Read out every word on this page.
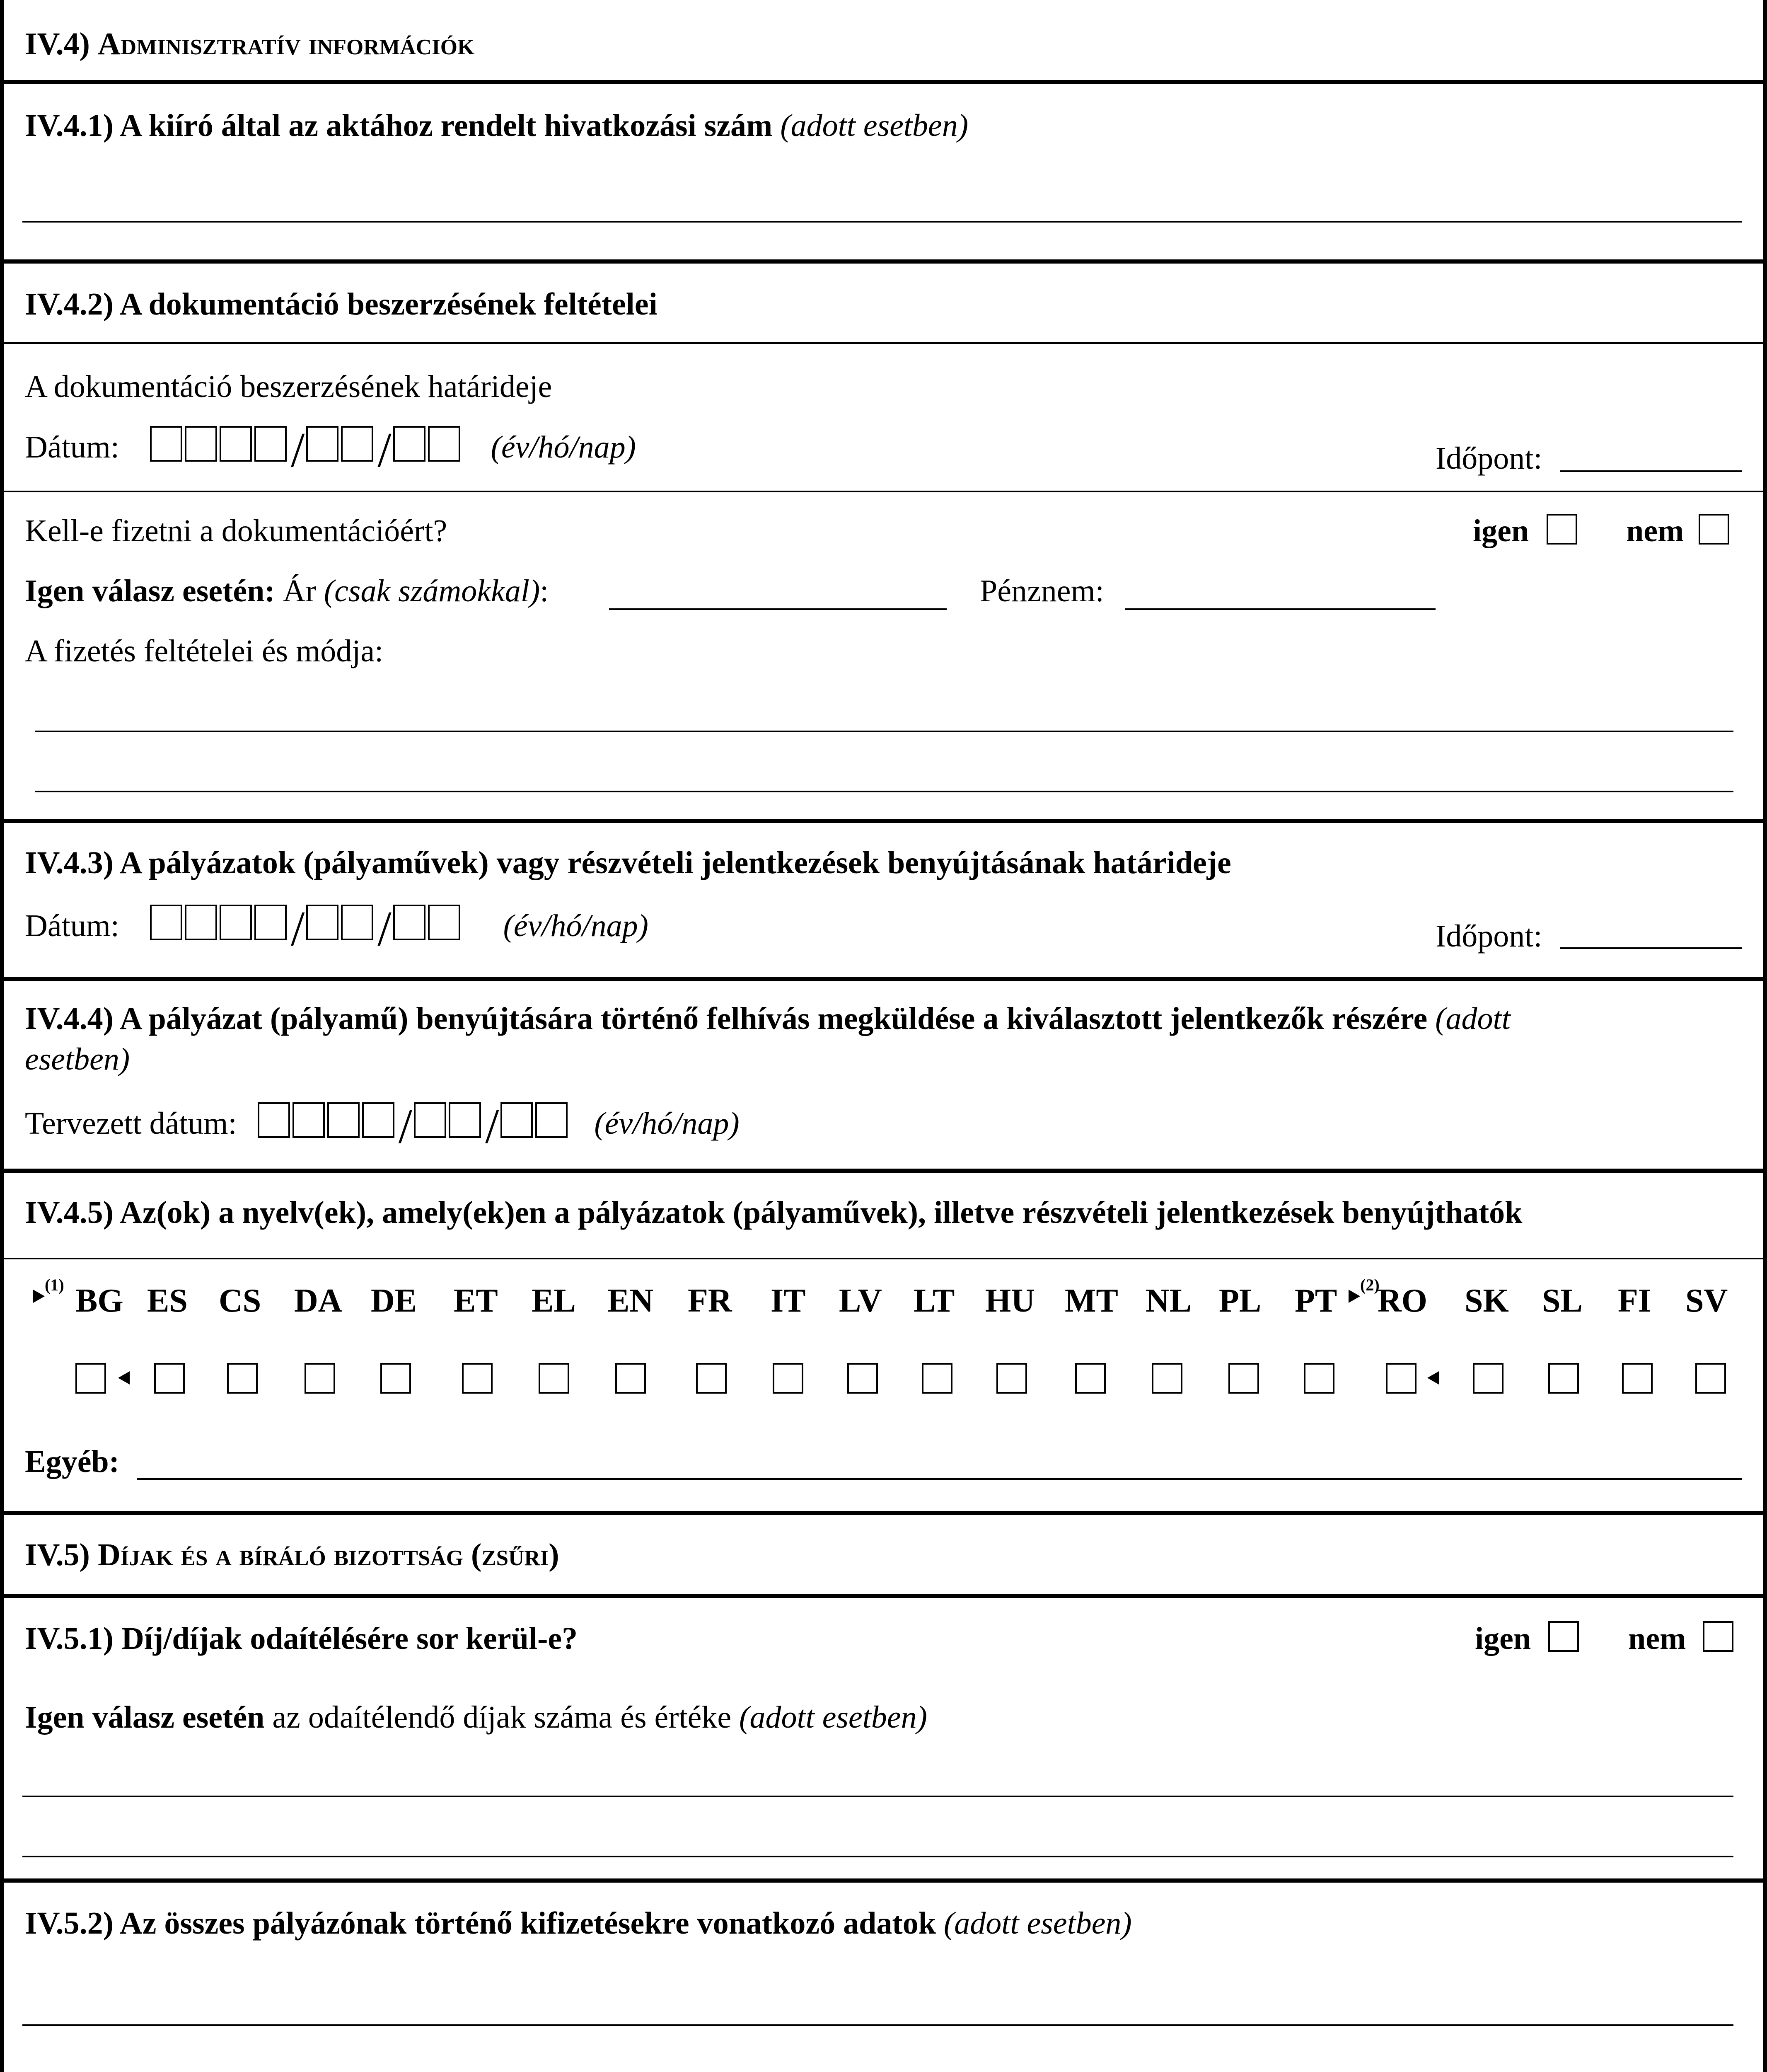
IV.4) Adminisztratív információk
IV.4.1) A kiíró által az aktához rendelt hivatkozási szám (adott esetben)
IV.4.2) A dokumentáció beszerzésének feltételei
A dokumentáció beszerzésének határideje
Dátum:	/ /	(év/hó/nap)	Időpont:
Kell-e fizetni a dokumentációért?	igen	nem
Igen válasz esetén: Ár (csak számokkal):	Pénznem:
A fizetés feltételei és módja:
IV.4.3) A pályázatok (pályaművek) vagy részvételi jelentkezések benyújtásának határideje
Dátum:	/ /	(év/hó/nap)	Időpont:
IV.4.4) A pályázat (pályamű) benyújtására történő felhívás megküldése a kiválasztott jelentkezők részére (adott
esetben)
Tervezett dátum:	/ /	(év/hó/nap)
IV.4.5) Az(ok) a nyelv(ek), amely(ek)en a pályázatok (pályaművek), illetve részvételi jelentkezések benyújthatók
$^{(1)}$	$^{(2)}$
BG ES CS DA DE ET EL EN FR IT LV LT HU MT NL PL PT RO SK SL FI SV
Egyéb:
IV.5) Díjak és a bíráló bizottság (zsűri)
IV.5.1) Díj/díjak odaítélésére sor kerül-e?	igen	nem
Igen válasz esetén az odaítélendő díjak száma és értéke (adott esetben)
IV.5.2) Az összes pályázónak történő kifizetésekre vonatkozó adatok (adott esetben)
